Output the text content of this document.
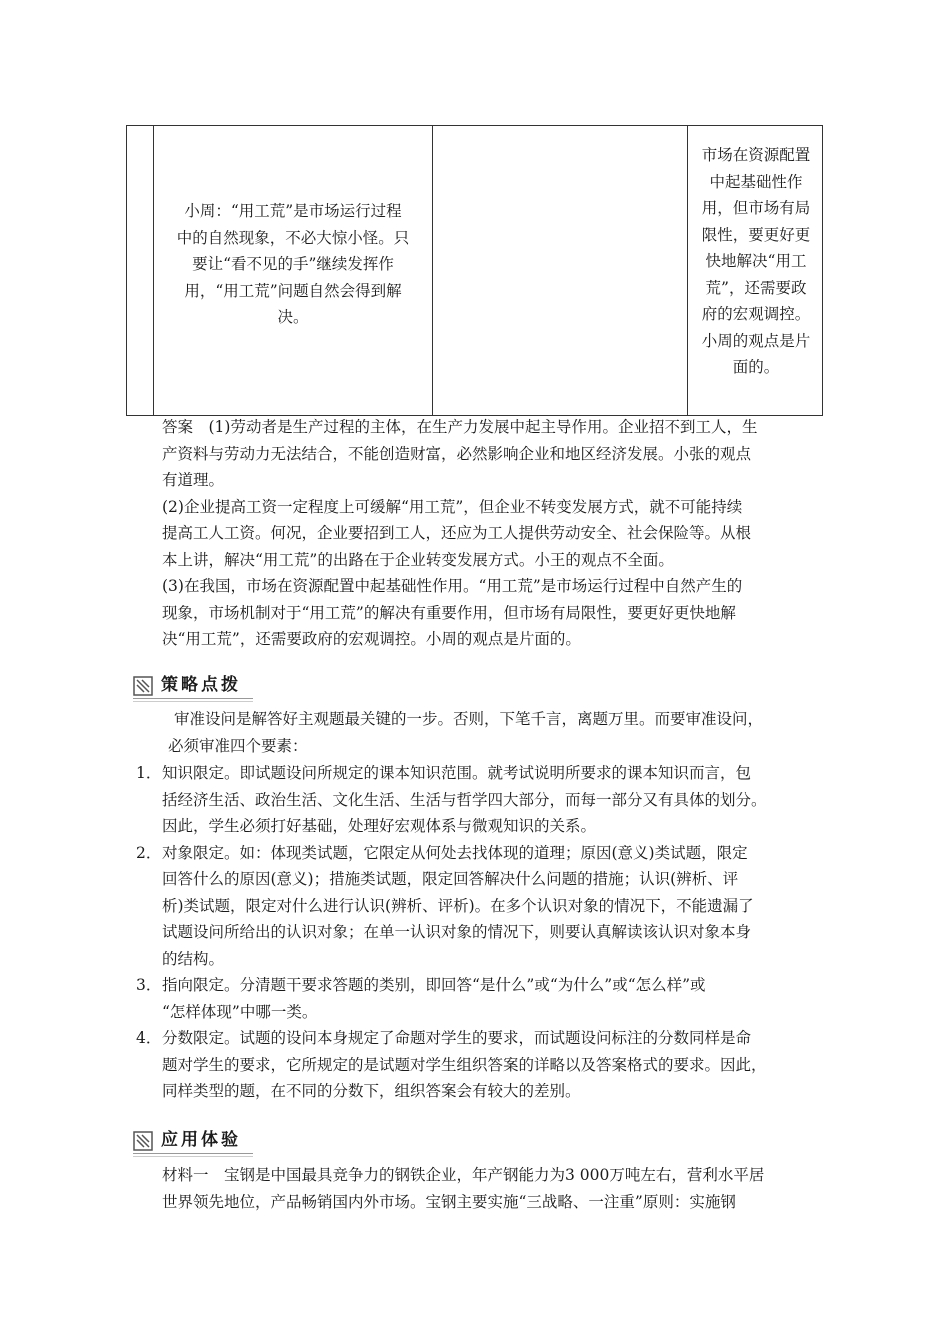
小周：“用工荒”是市场运行过程
中的自然现象，不必大惊小怪。只
要让“看不见的手”继续发挥作
用，“用工荒”问题自然会得到解
决。
市场在资源配置
中起基础性作
用，但市场有局
限性，要更好更
快地解决“用工
荒”，还需要政
府的宏观调控。
小周的观点是片
面的。
答案　(1)劳动者是生产过程的主体，在生产力发展中起主导作用。企业招不到工人，生
产资料与劳动力无法结合，不能创造财富，必然影响企业和地区经济发展。小张的观点
有道理。
(2)企业提高工资一定程度上可缓解“用工荒”，但企业不转变发展方式，就不可能持续
提高工人工资。何况，企业要招到工人，还应为工人提供劳动安全、社会保险等。从根
本上讲，解决“用工荒”的出路在于企业转变发展方式。小王的观点不全面。
(3)在我国，市场在资源配置中起基础性作用。“用工荒”是市场运行过程中自然产生的
现象，市场机制对于“用工荒”的解决有重要作用，但市场有局限性，要更好更快地解
决“用工荒”，还需要政府的宏观调控。小周的观点是片面的。
策略点拨
审准设问是解答好主观题最关键的一步。否则，下笔千言，离题万里。而要审准设问，
必须审准四个要素：
1． 知识限定。即试题设问所规定的课本知识范围。就考试说明所要求的课本知识而言，包
括经济生活、政治生活、文化生活、生活与哲学四大部分，而每一部分又有具体的划分。
因此，学生必须打好基础，处理好宏观体系与微观知识的关系。
2． 对象限定。如：体现类试题，它限定从何处去找体现的道理；原因(意义)类试题，限定
回答什么的原因(意义)；措施类试题，限定回答解决什么问题的措施；认识(辨析、评
析)类试题，限定对什么进行认识(辨析、评析)。在多个认识对象的情况下，不能遗漏了
试题设问所给出的认识对象；在单一认识对象的情况下，则要认真解读该认识对象本身
的结构。
3． 指向限定。分清题干要求答题的类别，即回答“是什么”或“为什么”或“怎么样”或
“怎样体现”中哪一类。
4． 分数限定。试题的设问本身规定了命题对学生的要求，而试题设问标注的分数同样是命
题对学生的要求，它所规定的是试题对学生组织答案的详略以及答案格式的要求。因此，
同样类型的题，在不同的分数下，组织答案会有较大的差别。
应用体验
材料一　宝钢是中国最具竞争力的钢铁企业，年产钢能力为3 000万吨左右，营利水平居
世界领先地位，产品畅销国内外市场。宝钢主要实施“三战略、一注重”原则：实施钢
